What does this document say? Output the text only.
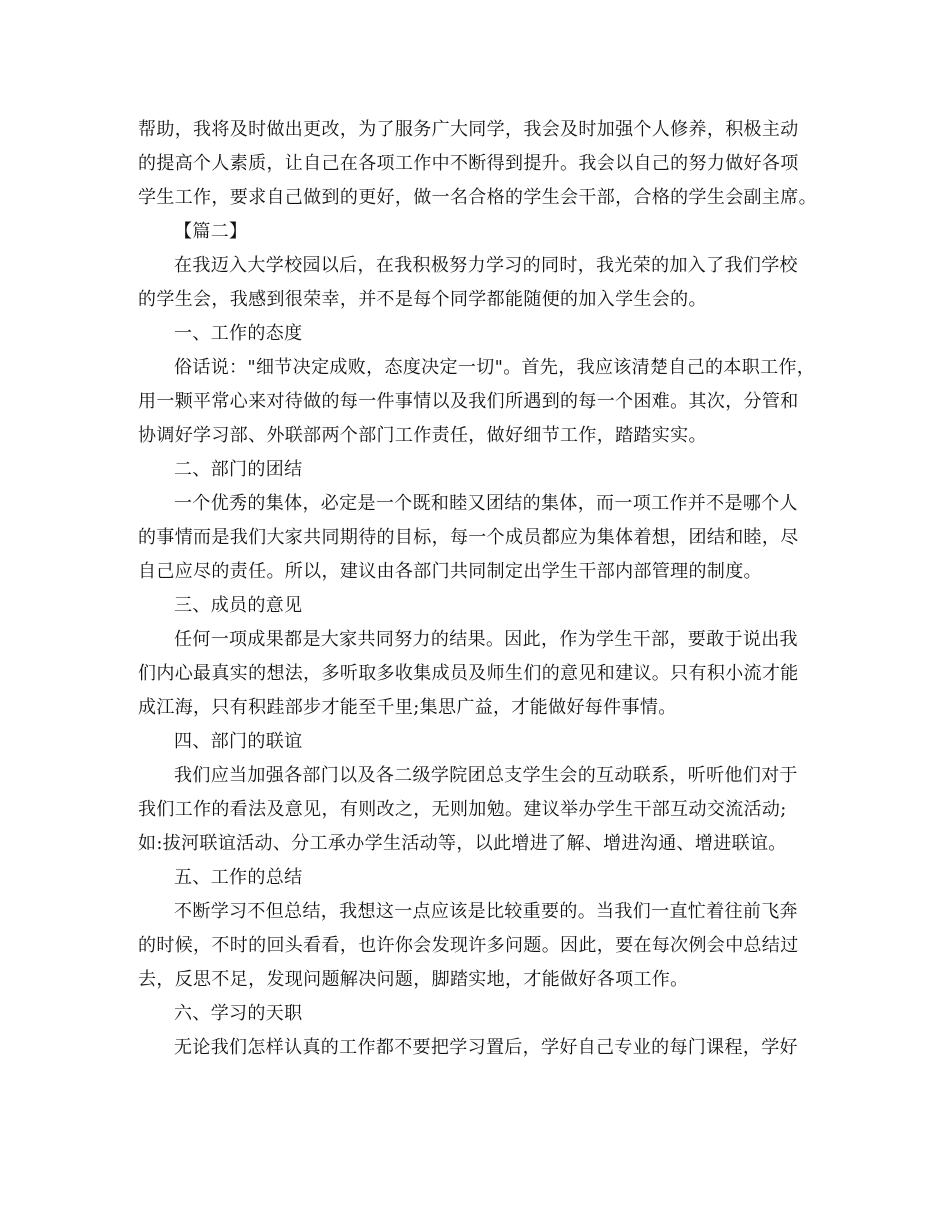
帮助，我将及时做出更改，为了服务广大同学，我会及时加强个人修养，积极主动
的提高个人素质，让自己在各项工作中不断得到提升。我会以自己的努力做好各项
学生工作，要求自己做到的更好，做一名合格的学生会干部，合格的学生会副主席。
【篇二】
在我迈入大学校园以后，在我积极努力学习的同时，我光荣的加入了我们学校
的学生会，我感到很荣幸，并不是每个同学都能随便的加入学生会的。
一、工作的态度
俗话说："细节决定成败，态度决定一切"。首先，我应该清楚自己的本职工作，
用一颗平常心来对待做的每一件事情以及我们所遇到的每一个困难。其次，分管和
协调好学习部、外联部两个部门工作责任，做好细节工作，踏踏实实。
二、部门的团结
一个优秀的集体，必定是一个既和睦又团结的集体，而一项工作并不是哪个人
的事情而是我们大家共同期待的目标，每一个成员都应为集体着想，团结和睦，尽
自己应尽的责任。所以，建议由各部门共同制定出学生干部内部管理的制度。
三、成员的意见
任何一项成果都是大家共同努力的结果。因此，作为学生干部，要敢于说出我
们内心最真实的想法，多听取多收集成员及师生们的意见和建议。只有积小流才能
成江海，只有积跬部步才能至千里;集思广益，才能做好每件事情。
四、部门的联谊
我们应当加强各部门以及各二级学院团总支学生会的互动联系，听听他们对于
我们工作的看法及意见，有则改之，无则加勉。建议举办学生干部互动交流活动;
如:拔河联谊活动、分工承办学生活动等，以此增进了解、增进沟通、增进联谊。
五、工作的总结
不断学习不但总结，我想这一点应该是比较重要的。当我们一直忙着往前飞奔
的时候，不时的回头看看，也许你会发现许多问题。因此，要在每次例会中总结过
去，反思不足，发现问题解决问题，脚踏实地，才能做好各项工作。
六、学习的天职
无论我们怎样认真的工作都不要把学习置后，学好自己专业的每门课程，学好
